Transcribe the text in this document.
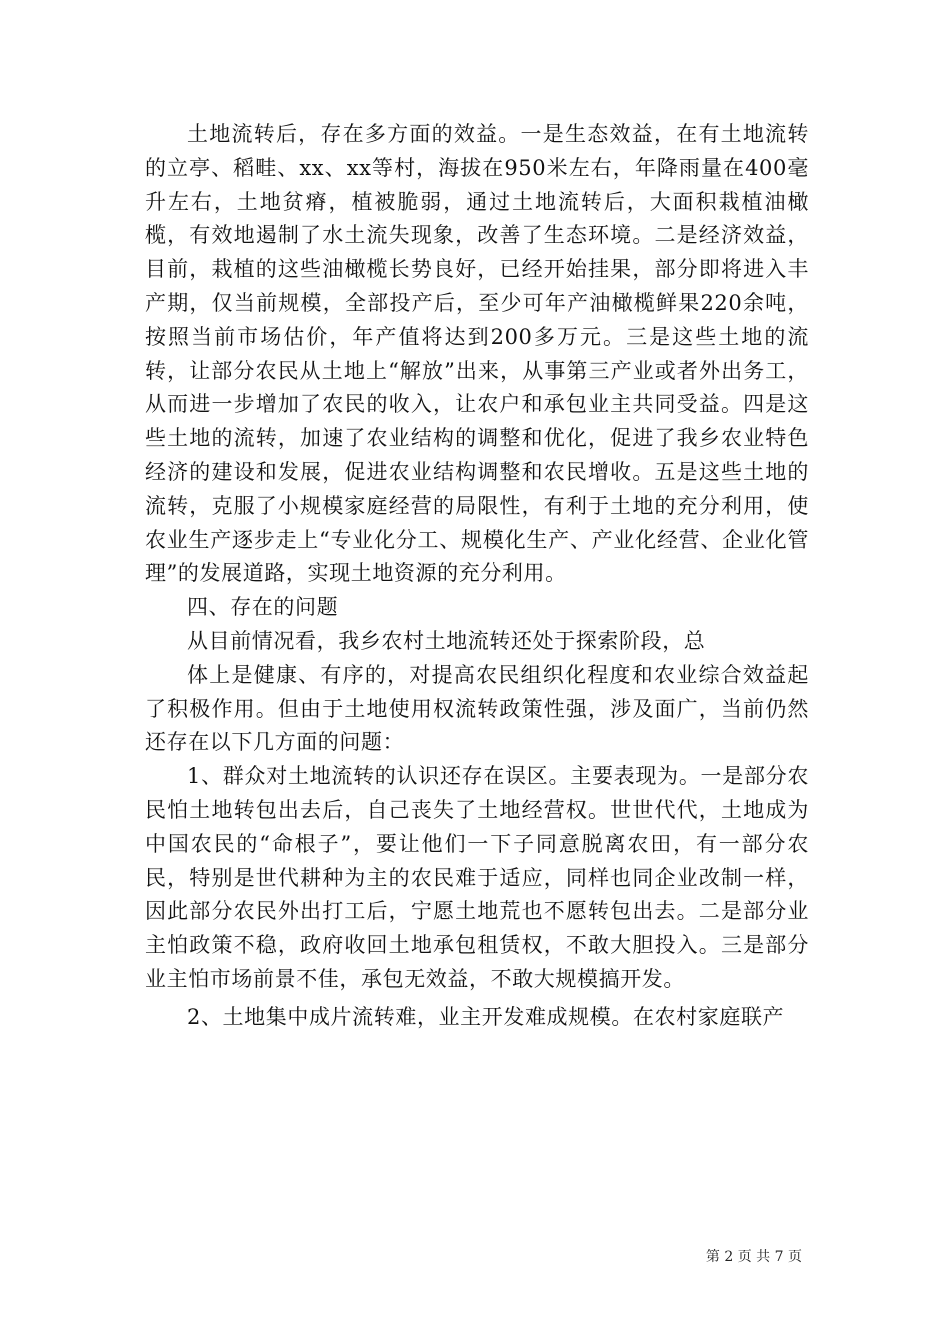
土地流转后，存在多方面的效益。一是生态效益，在有土地流转的立亭、稻畦、xx、xx等村，海拔在950米左右，年降雨量在400毫升左右，土地贫瘠，植被脆弱，通过土地流转后，大面积栽植油橄榄，有效地遏制了水土流失现象，改善了生态环境。二是经济效益，目前，栽植的这些油橄榄长势良好，已经开始挂果，部分即将进入丰产期，仅当前规模，全部投产后，至少可年产油橄榄鲜果220余吨，按照当前市场估价，年产值将达到200多万元。三是这些土地的流转，让部分农民从土地上“解放”出来，从事第三产业或者外出务工，从而进一步增加了农民的收入，让农户和承包业主共同受益。四是这些土地的流转，加速了农业结构的调整和优化，促进了我乡农业特色经济的建设和发展，促进农业结构调整和农民增收。五是这些土地的流转，克服了小规模家庭经营的局限性，有利于土地的充分利用，使农业生产逐步走上“专业化分工、规模化生产、产业化经营、企业化管理”的发展道路，实现土地资源的充分利用。

四、存在的问题

从目前情况看，我乡农村土地流转还处于探索阶段，总

体上是健康、有序的，对提高农民组织化程度和农业综合效益起了积极作用。但由于土地使用权流转政策性强，涉及面广，当前仍然还存在以下几方面的问题：

1、群众对土地流转的认识还存在误区。主要表现为。一是部分农民怕土地转包出去后，自己丧失了土地经营权。世世代代，土地成为中国农民的“命根子”，要让他们一下子同意脱离农田，有一部分农民，特别是世代耕种为主的农民难于适应，同样也同企业改制一样，因此部分农民外出打工后，宁愿土地荒也不愿转包出去。二是部分业主怕政策不稳，政府收回土地承包租赁权，不敢大胆投入。三是部分业主怕市场前景不佳，承包无效益，不敢大规模搞开发。

2、土地集中成片流转难，业主开发难成规模。在农村家庭联产

第 2 页 共 7 页
